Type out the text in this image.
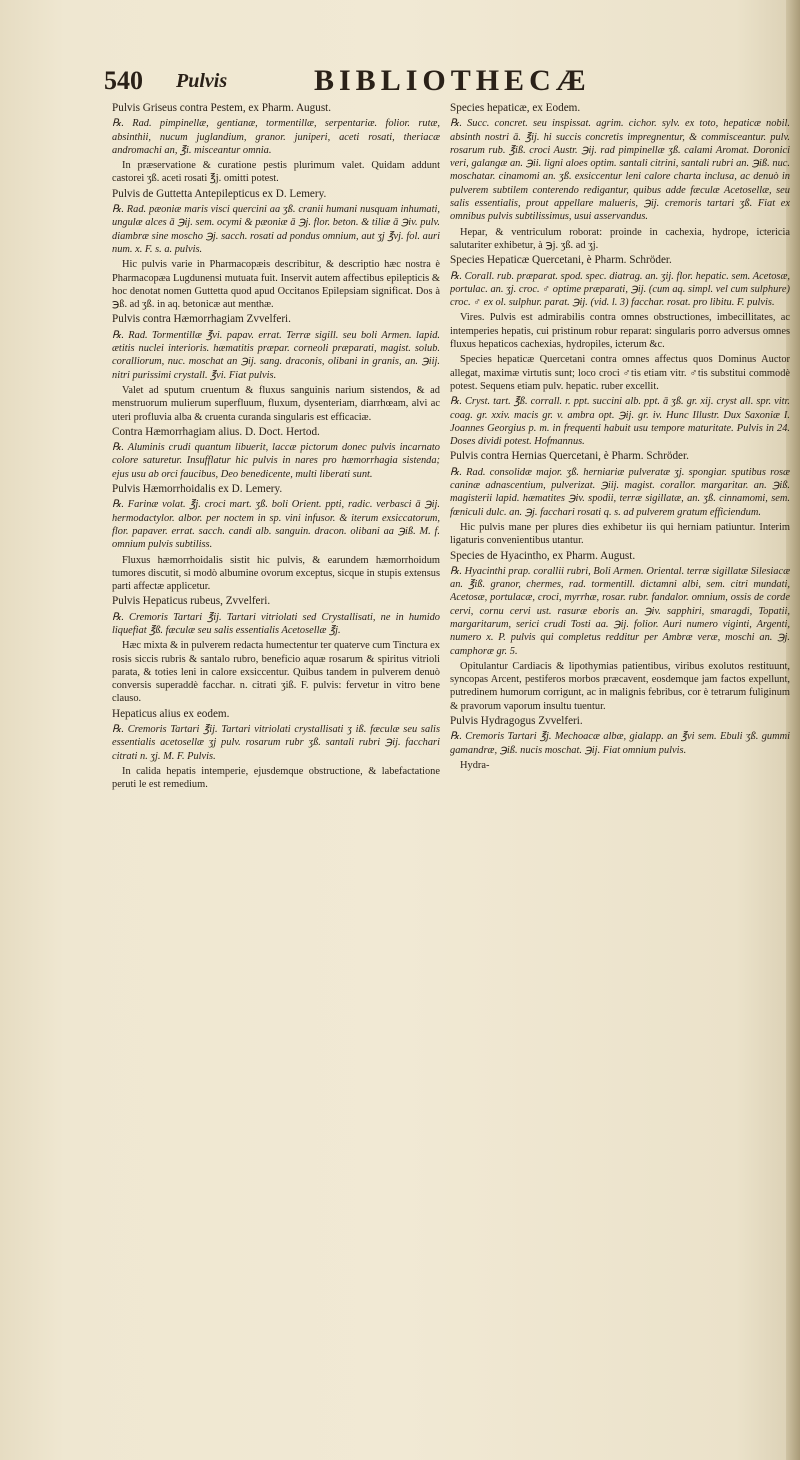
540 Pulvis	BIBLIOTHECÆ

Pulvis Griseus contra Pestem, ex Pharm. August.

℞. Rad. pimpinellæ, gentianæ, tormentillæ, serpentariæ. folior. rutæ, absinthii, nucum juglandium, granor. juniperi, aceti rosati, theriacæ andromachi an, ℥i. misceantur omnia.

In præservatione & curatione pestis plurimum valet. Quidam addunt castorei ʒß. aceti rosati ℥j. omitti potest.

Pulvis de Guttetta Antepilepticus ex D. Lemery.

℞. Rad. pæoniæ maris visci quercini aa ʒß. cranii humani nusquam inhumati, ungulæ alces ā ℈ij. sem. ocymi & pæoniæ ā ℈j. flor. beton. & tiliæ ā ℈iv. pulv. diambræ sine moscho ℈j. sacch. rosati ad pondus omnium, aut ʒj ℥vj. fol. auri num. x. F. s. a. pulvis.

Hic pulvis varie in Pharmacopæis describitur, & descriptio hæc nostra è Pharmacopæa Lugdunensi mutuata fuit. Inservit autem affectibus epilepticis & hoc denotat nomen Guttetta quod apud Occitanos Epilepsiam significat. Dos à ℈ß. ad ʒß. in aq. betonicæ aut menthæ.

Pulvis contra Hæmorrhagiam Zvvelferi.

℞. Rad. Tormentillæ ℥vi. papav. errat. Terræ sigill. seu boli Armen. lapid. ætitis nuclei interioris. hæmatitis præpar. corneoli præparati, magist. solub. coralliorum, nuc. moschat an ℈ij. sang. draconis, olibani in granis, an. ℈iij. nitri purissimi crystall. ℥vi. Fiat pulvis.

Valet ad sputum cruentum & fluxus sanguinis narium sistendos, & ad menstruorum mulierum superfluum, fluxum, dysenteriam, diarrhœam, alvi ac uteri profluvia alba & cruenta curanda singularis est efficaciæ.

Contra Hæmorrhagiam alius. D. Doct. Hertod.

℞. Aluminis crudi quantum libuerit, laccæ pictorum donec pulvis incarnato colore saturetur. Insufflatur hic pulvis in nares pro hæmorrhagia sistenda; ejus usu ab orci faucibus, Deo benedicente, multi liberati sunt.

Pulvis Hæmorrhoidalis ex D. Lemery.

℞. Farinæ volat. ℥j. croci mart. ʒß. boli Orient. ppti, radic. verbasci ā ℈ij. hermodactylor. albor. per noctem in sp. vini infusor. & iterum exsiccatorum, flor. papaver. errat. sacch. candi alb. sanguin. dracon. olibani aa ℈iß. M. f. omnium pulvis subtiliss.

Fluxus hæmorrhoidalis sistit hic pulvis, & earundem hæmorrhoidum tumores discutit, si modò albumine ovorum exceptus, sicque in stupis extensus parti affectæ applicetur.

Pulvis Hepaticus rubeus, Zvvelferi.

℞. Cremoris Tartari ℥ij. Tartari vitriolati sed Crystallisati, ne in humido liquefiat ℥ß. fæculæ seu salis essentialis Acetosellæ ℥j.

Hæc mixta & in pulverem redacta humectentur ter quaterve cum Tinctura ex rosis siccis rubris & santalo rubro, beneficio aquæ rosarum & spiritus vitrioli parata, & toties leni in calore exsiccentur. Quibus tandem in pulverem denuò conversis superaddè facchar. n. citrati ʒiß. F. pulvis: fervetur in vitro bene clauso.

Hepaticus alius ex eodem.

℞. Cremoris Tartari ℥ij. Tartari vitriolati crystallisati ʒ iß. fæculæ seu salis essentialis acetosellæ ʒj pulv. rosarum rubr ʒß. santali rubri ℈ij. facchari citrati n. ʒj. M. F. Pulvis.

In calida hepatis intemperie, ejusdemque obstructione, & labefactatione peruti le est remedium.

Species hepaticæ, ex Eodem.

℞. Succ. concret. seu inspissat. agrim. cichor. sylv. ex toto, hepaticæ nobil. absinth nostri ā. ℥ij. hi succis concretis impregnentur, & commisceantur. pulv. rosarum rub. ℥iß. croci Austr. ℈ij. rad pimpinellæ ʒß. calami Aromat. Doronici veri, galangæ an. ℈ii. ligni aloes optim. santali citrini, santali rubri an. ℈iß. nuc. moschatar. cinamomi an. ʒß. exsiccentur leni calore charta inclusa, ac denuò in pulverem subtilem conterendo redigantur, quibus adde fæculæ Acetosellæ, seu salis essentialis, prout appellare malueris, ℈ij. cremoris tartari ʒß. Fiat ex omnibus pulvis subtilissimus, usui asservandus.

Hepar, & ventriculum roborat: proinde in cachexia, hydrope, ictericia salutariter exhibetur, à ℈j. ʒß. ad ʒj.

Species Hepaticæ Quercetani, è Pharm. Schröder.

℞. Corall. rub. præparat. spod. spec. diatrag. an. ʒij. flor. hepatic. sem. Acetosæ, portulac. an. ʒj. croc. ♂ optime præparati, ℈ij. (cum aq. simpl. vel cum sulphure) croc. ♂ ex ol. sulphur. parat. ℈ij. (vid. l. 3) facchar. rosat. pro libitu. F. pulvis.

Vires. Pulvis est admirabilis contra omnes obstructiones, imbecillitates, ac intemperies hepatis, cui pristinum robur reparat: singularis porro adversus omnes fluxus hepaticos cachexias, hydropiles, icterum &c.

Species hepaticæ Quercetani contra omnes affectus quos Dominus Auctor allegat, maximæ virtutis sunt; loco croci ♂tis etiam vitr. ♂tis substitui commodè potest. Sequens etiam pulv. hepatic. ruber excellit.

℞. Cryst. tart. ℥ß. corrall. r. ppt. succini alb. ppt. ā ʒß. gr. xij. cryst all. spr. vitr. coag. gr. xxiv. macis gr. v. ambra opt. ℈ij. gr. iv. Hunc Illustr. Dux Saxoniæ I. Joannes Georgius p. m. in frequenti habuit usu tempore maturitate. Pulvis in 24. Doses dividi potest. Hofmannus.

Pulvis contra Hernias Quercetani, è Pharm. Schröder.

℞. Rad. consolidæ major. ʒß. herniariæ pulveratæ ʒj. spongiar. sputibus rosæ caninæ adnascentium, pulverizat. ℈iij. magist. corallor. margaritar. an. ℈iß. magisterii lapid. hæmatites ℈iv. spodii, terræ sigillatæ, an. ʒß. cinnamomi, sem. fœniculi dulc. an. ℈j. facchari rosati q. s. ad pulverem gratum efficiendum.

Hic pulvis mane per plures dies exhibetur iis qui herniam patiuntur. Interim ligaturis convenientibus utantur.

Species de Hyacintho, ex Pharm. August.

℞. Hyacinthi prap. corallii rubri, Boli Armen. Oriental. terræ sigillatæ Silesiacæ an. ℥iß. granor, chermes, rad. tormentill. dictamni albi, sem. citri mundati, Acetosæ, portulacæ, croci, myrrhæ, rosar. rubr. fandalor. omnium, ossis de corde cervi, cornu cervi ust. rasuræ eboris an. ℈iv. sapphiri, smaragdi, Topatii, margaritarum, serici crudi Tosti aa. ℈ij. folior. Auri numero viginti, Argenti, numero x. P. pulvis qui completus redditur per Ambræ veræ, moschi an. ℈j. camphoræ gr. 5.

Opitulantur Cardiacis & lipothymias patientibus, viribus exolutos restituunt, syncopas Arcent, pestiferos morbos præcavent, eosdemque jam factos expellunt, putredinem humorum corrigunt, ac in malignis febribus, cor è tetrarum fuliginum & pravorum vaporum insultu tuentur.

Pulvis Hydragogus Zvvelferi.

℞. Cremoris Tartari ℥j. Mechoacæ albæ, gialapp. an ℥vi sem. Ebuli ʒß. gummi gamandræ, ℈iß. nucis moschat. ℈ij. Fiat omnium pulvis.

Hydra-
